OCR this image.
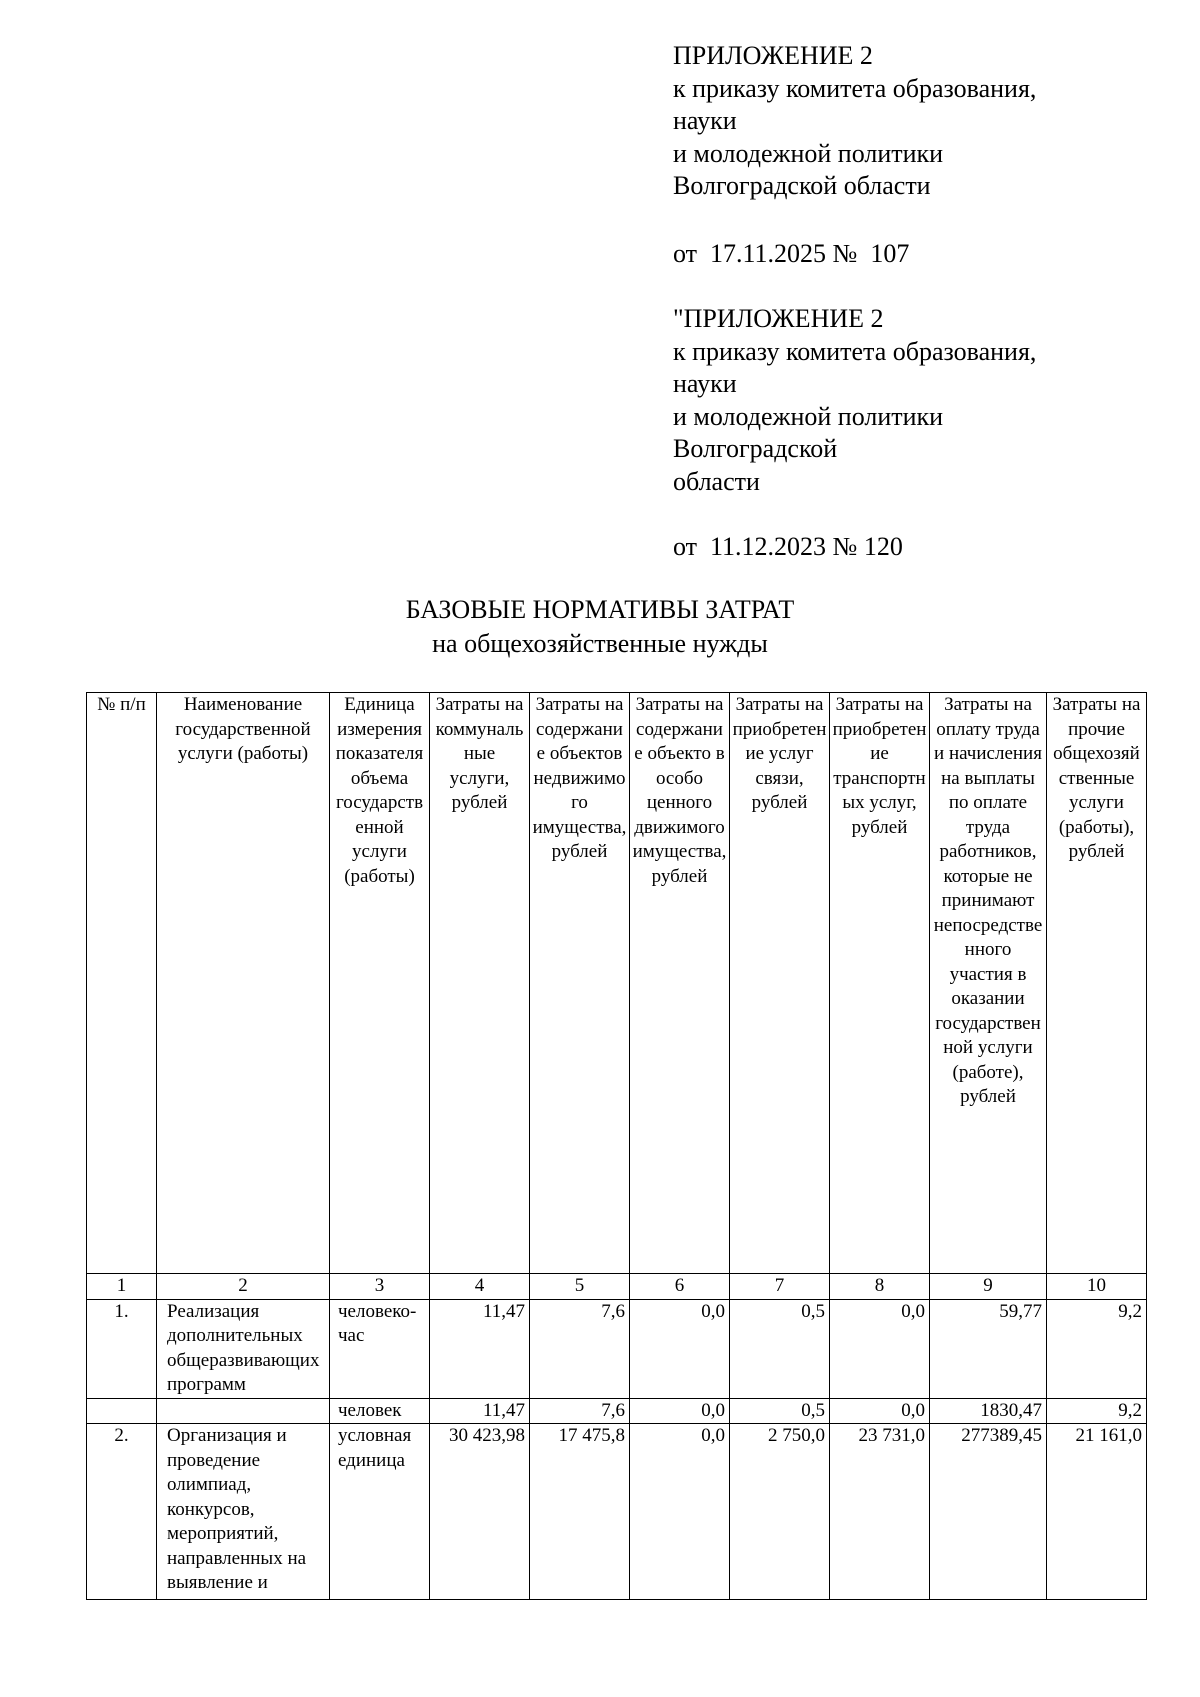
ПРИЛОЖЕНИЕ 2
к приказу комитета образования,
науки
и молодежной политики
Волгоградской области
от  17.11.2025 №  107
"ПРИЛОЖЕНИЕ 2
к приказу комитета образования,
науки
и молодежной политики
Волгоградской
области
от  11.12.2023 № 120
БАЗОВЫЕ НОРМАТИВЫ ЗАТРАТ
на общехозяйственные нужды
№ п/п	Наименование государственной услуги (работы)	Единица измерения показателя объема государственной услуги (работы)	Затраты на коммунальные услуги, рублей	Затраты на содержание объектов недвижимого имущества, рублей	Затраты на содержание объекто в особо ценного движимого имущества, рублей	Затраты на приобретение услуг связи, рублей	Затраты на приобретение транспортных услуг, рублей	Затраты на оплату труда и начисления на выплаты по оплате труда работников, которые не принимают непосредственного участия в оказании государственной услуги (работе), рублей	Затраты на прочие общехозяйственные услуги (работы), рублей
1	2	3	4	5	6	7	8	9	10
1.	Реализация дополнительных общеразвивающих программ	человеко-час	11,47	7,6	0,0	0,5	0,0	59,77	9,2
		человек	11,47	7,6	0,0	0,5	0,0	1830,47	9,2
2.	Организация и проведение олимпиад, конкурсов, мероприятий, направленных на выявление и	условная единица	30 423,98	17 475,8	0,0	2 750,0	23 731,0	277389,45	21 161,0
